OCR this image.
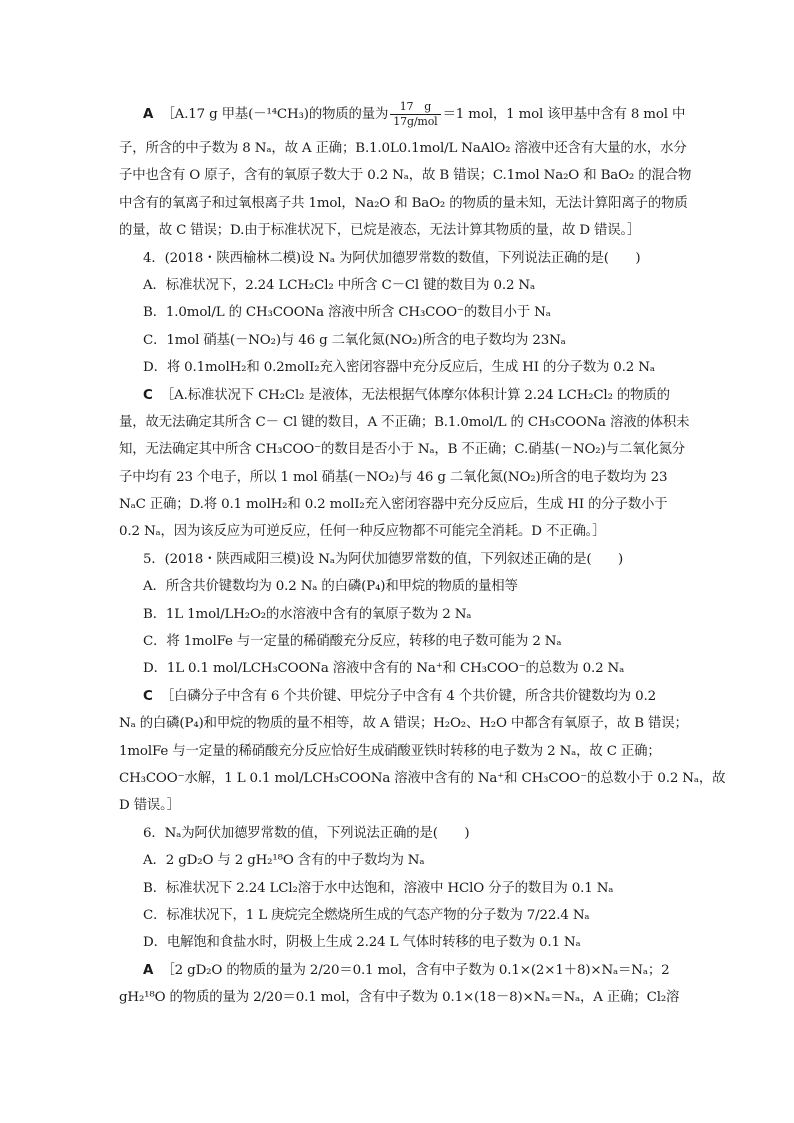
A ［A.17 g 甲基(－¹⁴CH₃)的物质的量为 $\frac{17 g}{\text{17g/mol}} =1$ mol，1 mol 该甲基中含有 8 mol 中
子，所含的中子数为 8 Nₐ，故 A 正确；B.1.0L0.1mol/L NaAlO₂ 溶液中还含有大量的水，水分
子中也含有 O 原子，含有的氧原子数大于 0.2 Nₐ，故 B 错误；C.1mol Na₂O 和 BaO₂ 的混合物
中含有的氧离子和过氧根离子共 1mol，Na₂O 和 BaO₂ 的物质的量未知，无法计算阳离子的物质
的量，故 C 错误；D.由于标准状况下，已烷是液态，无法计算其物质的量，故 D 错误。］
4．(2018・陕西榆林二模)设 Nₐ 为阿伏加德罗常数的数值，下列说法正确的是(　　)
A．标准状况下，2.24 LCH₂Cl₂ 中所含 C－Cl 键的数目为 0.2 Nₐ
B．1.0mol/L 的 CH₃COONa 溶液中所含 CH₃COO⁻的数目小于 Nₐ
C．1mol 硝基(－NO₂)与 46 g 二氧化氮(NO₂)所含的电子数均为 23Nₐ
D．将 0.1molH₂和 0.2molI₂充入密闭容器中充分反应后，生成 HI 的分子数为 0.2 Nₐ
C ［A.标准状况下 CH₂Cl₂ 是液体，无法根据气体摩尔体积计算 2.24 LCH₂Cl₂ 的物质的
量，故无法确定其所含 C－ Cl 键的数目，A 不正确；B.1.0mol/L 的 CH₃COONa 溶液的体积未
知，无法确定其中所含 CH₃COO⁻的数目是否小于 Nₐ，B 不正确；C.硝基(－NO₂)与二氧化氮分
子中均有 23 个电子，所以 1 mol 硝基(－NO₂)与 46 g 二氧化氮(NO₂)所含的电子数均为 23
NₐC 正确；D.将 0.1 molH₂和 0.2 molI₂充入密闭容器中充分反应后，生成 HI 的分子数小于
0.2 Nₐ，因为该反应为可逆反应，任何一种反应物都不可能完全消耗。D 不正确。］
5．(2018・陕西咸阳三模)设 Nₐ为阿伏加德罗常数的值，下列叙述正确的是(　　)
A．所含共价键数均为 0.2 Nₐ 的白磷(P₄)和甲烷的物质的量相等
B．1L 1mol/LH₂O₂的水溶液中含有的氧原子数为 2 Nₐ
C．将 1molFe 与一定量的稀硝酸充分反应，转移的电子数可能为 2 Nₐ
D．1L 0.1 mol/LCH₃COONa 溶液中含有的 Na⁺和 CH₃COO⁻的总数为 0.2 Nₐ
C ［白磷分子中含有 6 个共价键、甲烷分子中含有 4 个共价键，所含共价键数均为 0.2
Nₐ 的白磷(P₄)和甲烷的物质的量不相等，故 A 错误；H₂O₂、H₂O 中都含有氧原子，故 B 错误；
1molFe 与一定量的稀硝酸充分反应恰好生成硝酸亚铁时转移的电子数为 2 Nₐ，故 C 正确；
CH₃COO⁻水解，1 L 0.1 mol/LCH₃COONa 溶液中含有的 Na⁺和 CH₃COO⁻的总数小于 0.2 Nₐ，故
D 错误。］
6．Nₐ为阿伏加德罗常数的值，下列说法正确的是(　　)
A．2 gD₂O 与 2 gH₂¹⁸O 含有的中子数均为 Nₐ
B．标准状况下 2.24 LCl₂溶于水中达饱和，溶液中 HClO 分子的数目为 0.1 Nₐ
C．标准状况下，1 L 庚烷完全燃烧所生成的气态产物的分子数为 7/22.4 Nₐ
D．电解饱和食盐水时，阴极上生成 2.24 L 气体时转移的电子数为 0.1 Nₐ
A ［2 gD₂O 的物质的量为 2/20＝0.1 mol，含有中子数为 0.1×(2×1＋8)×Nₐ＝Nₐ；2
gH₂¹⁸O 的物质的量为 2/20＝0.1 mol，含有中子数为 0.1×(18－8)×Nₐ＝Nₐ，A 正确；Cl₂溶
